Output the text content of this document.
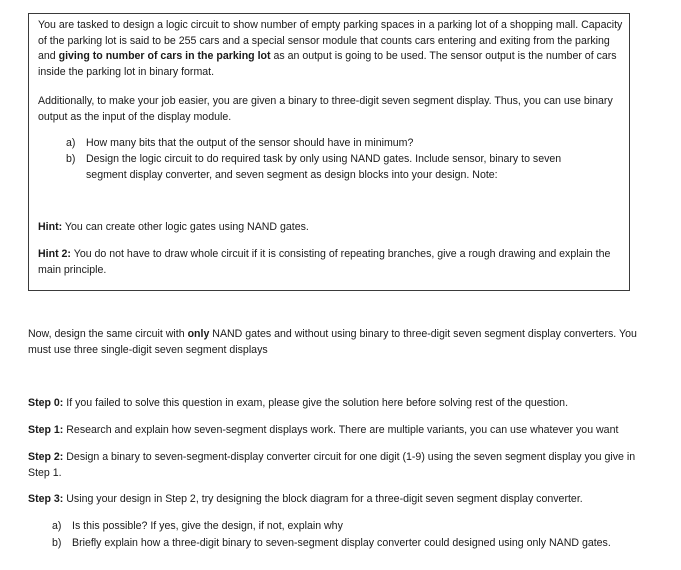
You are tasked to design a logic circuit to show number of empty parking spaces in a parking lot of a shopping mall. Capacity of the parking lot is said to be 255 cars and a special sensor module that counts cars entering and exiting from the parking and giving to number of cars in the parking lot as an output is going to be used. The sensor output is the number of cars inside the parking lot in binary format.

Additionally, to make your job easier, you are given a binary to three-digit seven segment display. Thus, you can use binary output as the input of the display module.

a) How many bits that the output of the sensor should have in minimum?
b) Design the logic circuit to do required task by only using NAND gates. Include sensor, binary to seven segment display converter, and seven segment as design blocks into your design. Note:

Hint: You can create other logic gates using NAND gates.

Hint 2: You do not have to draw whole circuit if it is consisting of repeating branches, give a rough drawing and explain the main principle.

Now, design the same circuit with only NAND gates and without using binary to three-digit seven segment display converters. You must use three single-digit seven segment displays

Step 0: If you failed to solve this question in exam, please give the solution here before solving rest of the question.

Step 1: Research and explain how seven-segment displays work. There are multiple variants, you can use whatever you want

Step 2: Design a binary to seven-segment-display converter circuit for one digit (1-9) using the seven segment display you give in Step 1.

Step 3: Using your design in Step 2, try designing the block diagram for a three-digit seven segment display converter.

a) Is this possible? If yes, give the design, if not, explain why
b) Briefly explain how a three-digit binary to seven-segment display converter could designed using only NAND gates.
